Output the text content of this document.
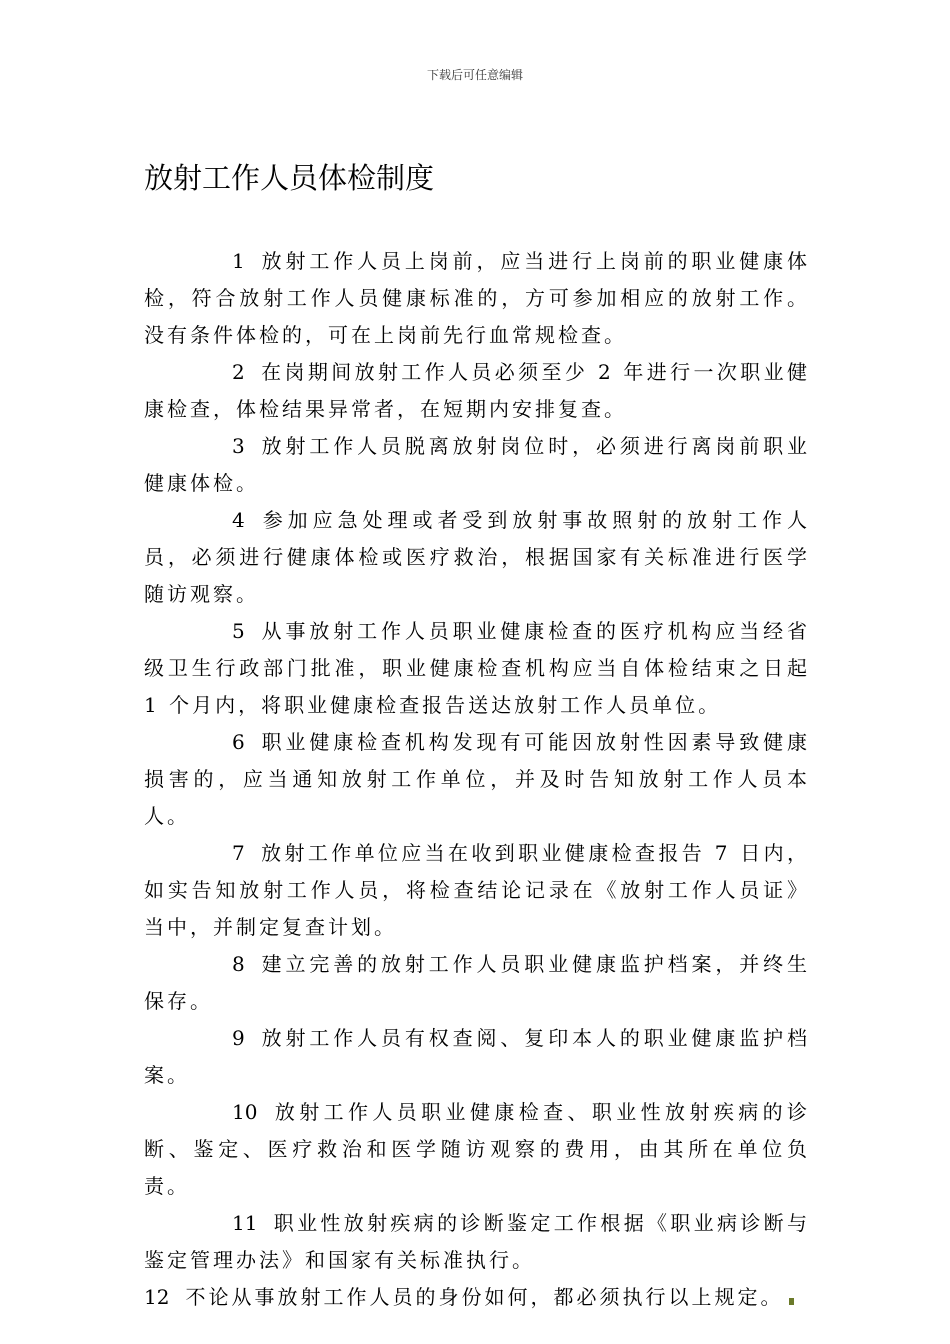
下载后可任意编辑
放射工作人员体检制度

1 放射工作人员上岗前，应当进行上岗前的职业健康体检，符合放射工作人员健康标准的，方可参加相应的放射工作。没有条件体检的，可在上岗前先行血常规检查。

2 在岗期间放射工作人员必须至少 2 年进行一次职业健康检查，体检结果异常者，在短期内安排复查。

3 放射工作人员脱离放射岗位时，必须进行离岗前职业健康体检。

4 参加应急处理或者受到放射事故照射的放射工作人员，必须进行健康体检或医疗救治，根据国家有关标准进行医学随访观察。

5 从事放射工作人员职业健康检查的医疗机构应当经省级卫生行政部门批准，职业健康检查机构应当自体检结束之日起 1 个月内，将职业健康检查报告送达放射工作人员单位。

6 职业健康检查机构发现有可能因放射性因素导致健康损害的，应当通知放射工作单位，并及时告知放射工作人员本人。

7 放射工作单位应当在收到职业健康检查报告 7 日内，如实告知放射工作人员，将检查结论记录在《放射工作人员证》当中，并制定复查计划。

8 建立完善的放射工作人员职业健康监护档案，并终生保存。

9 放射工作人员有权查阅、复印本人的职业健康监护档案。

10 放射工作人员职业健康检查、职业性放射疾病的诊断、鉴定、医疗救治和医学随访观察的费用，由其所在单位负责。

11 职业性放射疾病的诊断鉴定工作根据《职业病诊断与鉴定管理办法》和国家有关标准执行。

12 不论从事放射工作人员的身份如何，都必须执行以上规定。
